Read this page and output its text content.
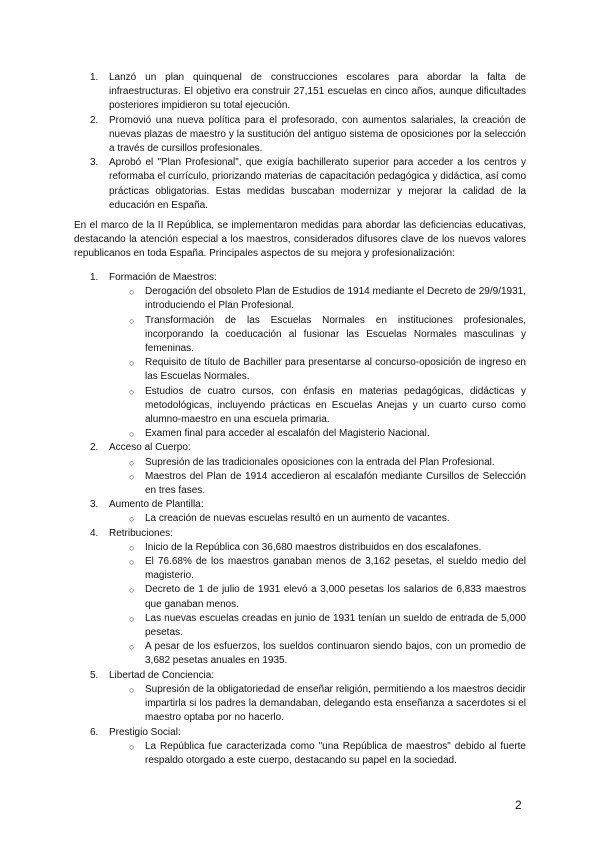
1. Lanzó un plan quinquenal de construcciones escolares para abordar la falta de infraestructuras. El objetivo era construir 27,151 escuelas en cinco años, aunque dificultades posteriores impidieron su total ejecución.
2. Promovió una nueva política para el profesorado, con aumentos salariales, la creación de nuevas plazas de maestro y la sustitución del antiguo sistema de oposiciones por la selección a través de cursillos profesionales.
3. Aprobó el "Plan Profesional", que exigía bachillerato superior para acceder a los centros y reformaba el currículo, priorizando materias de capacitación pedagógica y didáctica, así como prácticas obligatorias. Estas medidas buscaban modernizar y mejorar la calidad de la educación en España.

En el marco de la II República, se implementaron medidas para abordar las deficiencias educativas, destacando la atención especial a los maestros, considerados difusores clave de los nuevos valores republicanos en toda España. Principales aspectos de su mejora y profesionalización:

1. Formación de Maestros:
○ Derogación del obsoleto Plan de Estudios de 1914 mediante el Decreto de 29/9/1931, introduciendo el Plan Profesional.
○ Transformación de las Escuelas Normales en instituciones profesionales, incorporando la coeducación al fusionar las Escuelas Normales masculinas y femeninas.
○ Requisito de título de Bachiller para presentarse al concurso-oposición de ingreso en las Escuelas Normales.
○ Estudios de cuatro cursos, con énfasis en materias pedagógicas, didácticas y metodológicas, incluyendo prácticas en Escuelas Anejas y un cuarto curso como alumno-maestro en una escuela primaria.
○ Examen final para acceder al escalafón del Magisterio Nacional.
2. Acceso al Cuerpo:
○ Supresión de las tradicionales oposiciones con la entrada del Plan Profesional.
○ Maestros del Plan de 1914 accedieron al escalafón mediante Cursillos de Selección en tres fases.
3. Aumento de Plantilla:
○ La creación de nuevas escuelas resultó en un aumento de vacantes.
4. Retribuciones:
○ Inicio de la República con 36,680 maestros distribuidos en dos escalafones.
○ El 76.68% de los maestros ganaban menos de 3,162 pesetas, el sueldo medio del magisterio.
○ Decreto de 1 de julio de 1931 elevó a 3,000 pesetas los salarios de 6,833 maestros que ganaban menos.
○ Las nuevas escuelas creadas en junio de 1931 tenían un sueldo de entrada de 5,000 pesetas.
○ A pesar de los esfuerzos, los sueldos continuaron siendo bajos, con un promedio de 3,682 pesetas anuales en 1935.
5. Libertad de Conciencia:
○ Supresión de la obligatoriedad de enseñar religión, permitiendo a los maestros decidir impartirla si los padres la demandaban, delegando esta enseñanza a sacerdotes si el maestro optaba por no hacerlo.
6. Prestigio Social:
○ La República fue caracterizada como "una República de maestros" debido al fuerte respaldo otorgado a este cuerpo, destacando su papel en la sociedad.
2
